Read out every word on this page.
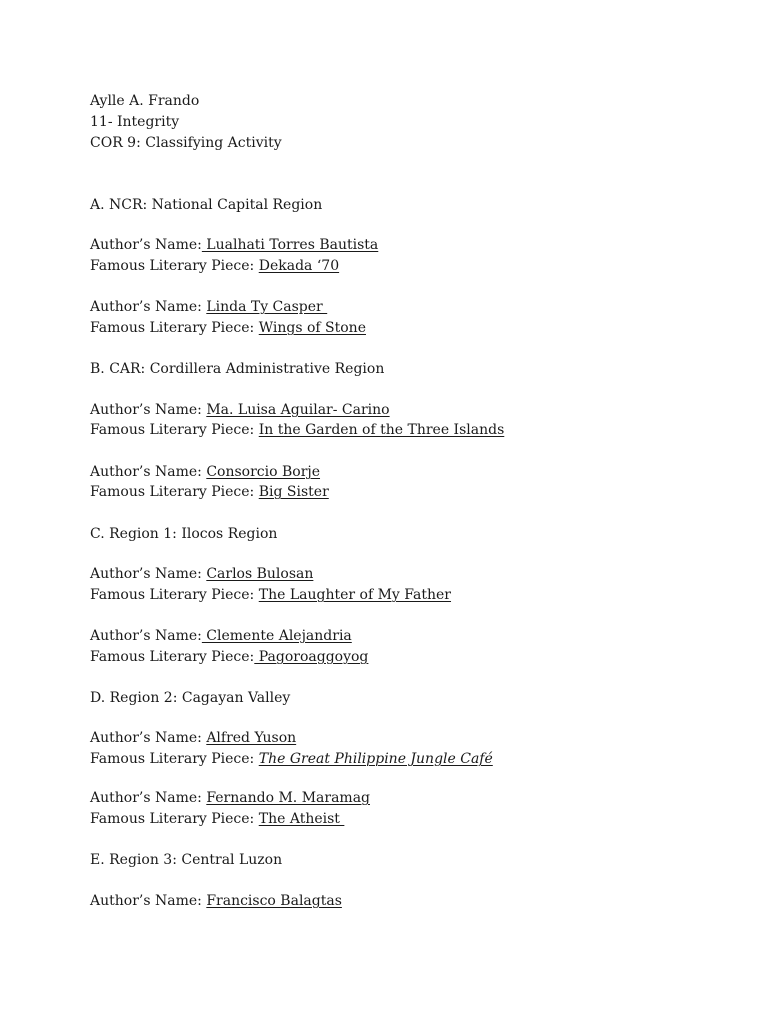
Aylle A. Frando
11- Integrity
COR 9: Classifying Activity
A. NCR: National Capital Region
Author’s Name: Lualhati Torres Bautista
Famous Literary Piece: Dekada ‘70
Author’s Name: Linda Ty Casper
Famous Literary Piece: Wings of Stone
B. CAR: Cordillera Administrative Region
Author’s Name: Ma. Luisa Aguilar- Carino
Famous Literary Piece: In the Garden of the Three Islands
Author’s Name: Consorcio Borje
Famous Literary Piece: Big Sister
C. Region 1: Ilocos Region
Author’s Name: Carlos Bulosan
Famous Literary Piece: The Laughter of My Father
Author’s Name: Clemente Alejandria
Famous Literary Piece: Pagoroaggoyog
D. Region 2: Cagayan Valley
Author’s Name: Alfred Yuson
Famous Literary Piece: The Great Philippine Jungle Café
Author’s Name: Fernando M. Maramag
Famous Literary Piece: The Atheist
E. Region 3: Central Luzon
Author’s Name: Francisco Balagtas
